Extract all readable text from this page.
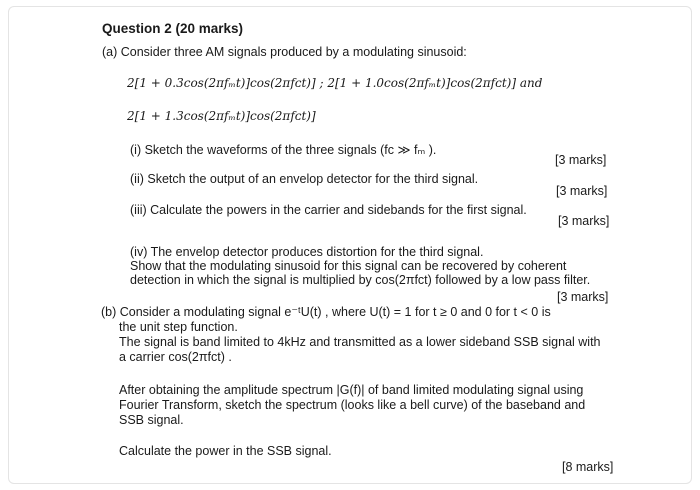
Question 2 (20 marks)
(a) Consider three AM signals produced by a modulating sinusoid:
2[1 + 0.3cos(2πfₘt)]cos(2πfᴄt)] ; 2[1 + 1.0cos(2πfₘt)]cos(2πfᴄt)] and
2[1 + 1.3cos(2πfₘt)]cos(2πfᴄt)]
(i) Sketch the waveforms of the three signals (fᴄ ≫ fₘ ).
[3 marks]
(ii) Sketch the output of an envelop detector for the third signal.
[3 marks]
(iii) Calculate the powers in the carrier and sidebands for the first signal.
[3 marks]
(iv) The envelop detector produces distortion for the third signal.
Show that the modulating sinusoid for this signal can be recovered by coherent
detection in which the signal is multiplied by cos(2πfᴄt) followed by a low pass filter.
[3 marks]
(b) Consider a modulating signal e⁻ᵗU(t) , where U(t) = 1 for t ≥ 0 and 0 for t < 0 is
the unit step function.
The signal is band limited to 4kHz and transmitted as a lower sideband SSB signal with
a carrier cos(2πfᴄt) .
After obtaining the amplitude spectrum |G(f)| of band limited modulating signal using
Fourier Transform, sketch the spectrum (looks like a bell curve) of the baseband and
SSB signal.
Calculate the power in the SSB signal.
[8 marks]
